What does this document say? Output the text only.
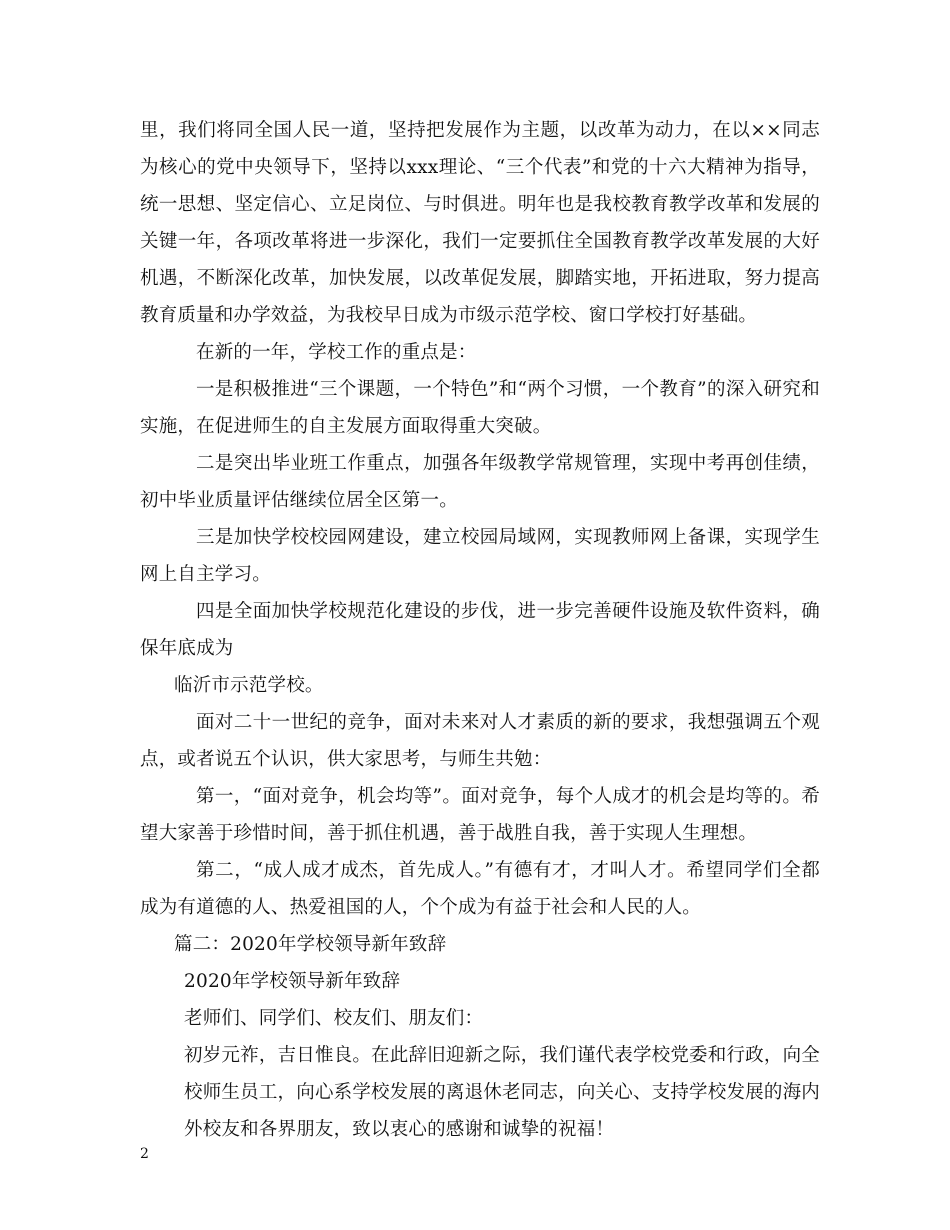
里，我们将同全国人民一道，坚持把发展作为主题，以改革为动力，在以××同志为核心的党中央领导下，坚持以xxx理论、“三个代表”和党的十六大精神为指导，统一思想、坚定信心、立足岗位、与时俱进。明年也是我校教育教学改革和发展的关键一年，各项改革将进一步深化，我们一定要抓住全国教育教学改革发展的大好机遇，不断深化改革，加快发展，以改革促发展，脚踏实地，开拓进取，努力提高教育质量和办学效益，为我校早日成为市级示范学校、窗口学校打好基础。

在新的一年，学校工作的重点是：

一是积极推进“三个课题，一个特色”和“两个习惯，一个教育”的深入研究和实施，在促进师生的自主发展方面取得重大突破。

二是突出毕业班工作重点，加强各年级教学常规管理，实现中考再创佳绩，初中毕业质量评估继续位居全区第一。

三是加快学校校园网建设，建立校园局域网，实现教师网上备课，实现学生网上自主学习。

四是全面加快学校规范化建设的步伐，进一步完善硬件设施及软件资料，确保年底成为

临沂市示范学校。

面对二十一世纪的竞争，面对未来对人才素质的新的要求，我想强调五个观点，或者说五个认识，供大家思考，与师生共勉：

第一，“面对竞争，机会均等”。面对竞争，每个人成才的机会是均等的。希望大家善于珍惜时间，善于抓住机遇，善于战胜自我，善于实现人生理想。

第二，“成人成才成杰，首先成人。”有德有才，才叫人才。希望同学们全都成为有道德的人、热爱祖国的人，个个成为有益于社会和人民的人。

篇二：2020年学校领导新年致辞

2020年学校领导新年致辞

老师们、同学们、校友们、朋友们：

初岁元祚，吉日惟良。在此辞旧迎新之际，我们谨代表学校党委和行政，向全校师生员工，向心系学校发展的离退休老同志，向关心、支持学校发展的海内外校友和各界朋友，致以衷心的感谢和诚挚的祝福！

2
